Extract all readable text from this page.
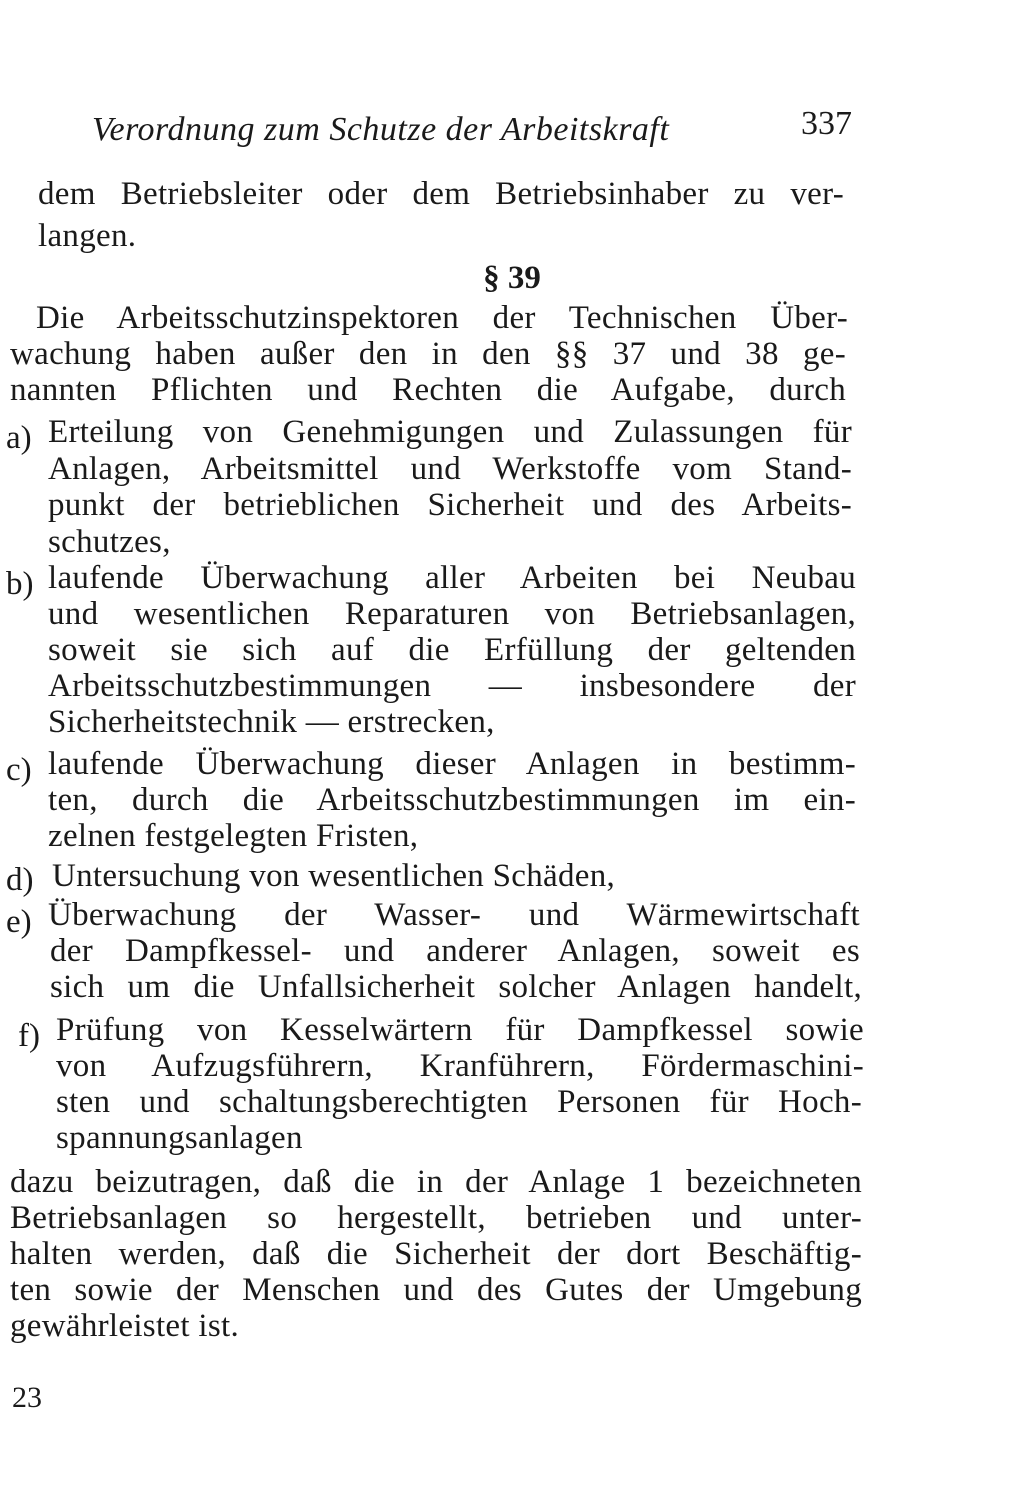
Verordnung zum Schutze der Arbeitskraft	337
dem Betriebsleiter oder dem Betriebsinhaber zu ver-
langen.
§ 39
Die Arbeitsschutzinspektoren der Technischen Über-
wachung haben außer den in den §§ 37 und 38 ge-
nannten Pflichten und Rechten die Aufgabe, durch
a) Erteilung von Genehmigungen und Zulassungen für
Anlagen, Arbeitsmittel und Werkstoffe vom Stand-
punkt der betrieblichen Sicherheit und des Arbeits-
schutzes,
b) laufende Überwachung aller Arbeiten bei Neubau
und wesentlichen Reparaturen von Betriebsanlagen,
soweit sie sich auf die Erfüllung der geltenden
Arbeitsschutzbestimmungen — insbesondere der
Sicherheitstechnik — erstrecken,
c) laufende Überwachung dieser Anlagen in bestimm-
ten, durch die Arbeitsschutzbestimmungen im ein-
zelnen festgelegten Fristen,
d) Untersuchung von wesentlichen Schäden,
e) Überwachung der Wasser- und Wärmewirtschaft
der Dampfkessel- und anderer Anlagen, soweit es
sich um die Unfallsicherheit solcher Anlagen handelt,
f) Prüfung von Kesselwärtern für Dampfkessel sowie
von Aufzugsführern, Kranführern, Fördermaschini-
sten und schaltungsberechtigten Personen für Hoch-
spannungsanlagen
dazu beizutragen, daß die in der Anlage 1 bezeichneten
Betriebsanlagen so hergestellt, betrieben und unter-
halten werden, daß die Sicherheit der dort Beschäftig-
ten sowie der Menschen und des Gutes der Umgebung
gewährleistet ist.
23
